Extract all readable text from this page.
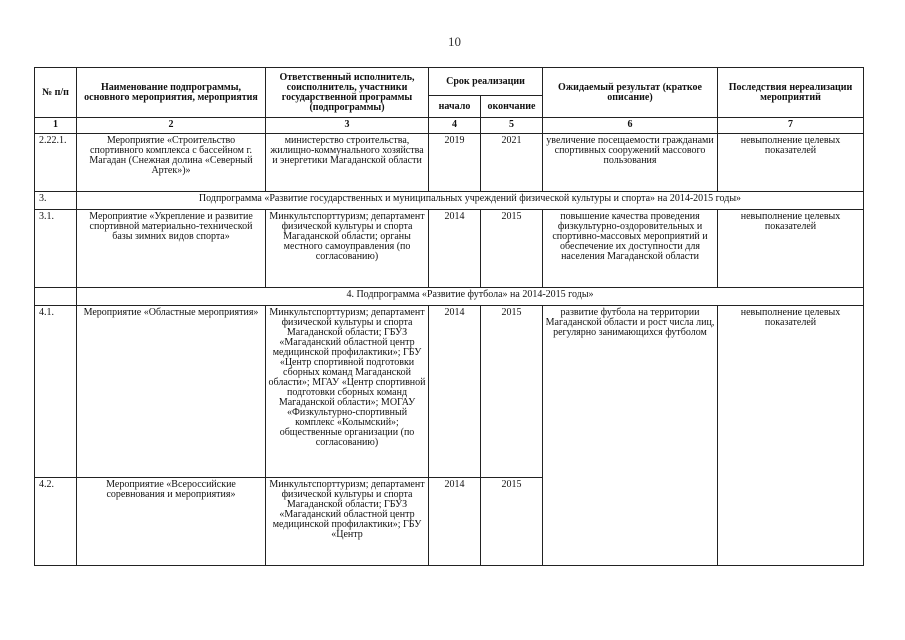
10
№ п/п	Наименование подпрограммы, основного мероприятия, мероприятия	Ответственный исполнитель, соисполнитель, участники государственной программы (подпрограммы)	Срок реализации		Ожидаемый результат (краткое описание)	Последствия нереализации мероприятий
			начало	окончание		
1	2	3	4	5	6	7
2.22.1.	Мероприятие «Строительство спортивного комплекса с бассейном г. Магадан (Снежная долина «Северный Артек»)»	министерство строительства, жилищно-коммунального хозяйства и энергетики Магаданской области	2019	2021	увеличение посещаемости гражданами спортивных сооружений массового пользования	невыполнение целевых показателей
3.	Подпрограмма «Развитие государственных и муниципальных учреждений физической культуры и спорта» на 2014-2015 годы»					
3.1.	Мероприятие «Укрепление и развитие спортивной материально-технической базы зимних видов спорта»	Минкультспорттуризм; департамент физической культуры и спорта Магаданской области; органы местного самоуправления (по согласованию)	2014	2015	повышение качества проведения физкультурно-оздоровительных и спортивно-массовых мероприятий и обеспечение их доступности для населения Магаданской области	невыполнение целевых показателей
	4. Подпрограмма «Развитие футбола» на 2014-2015 годы»					
4.1.	Мероприятие «Областные мероприятия»	Минкультспорттуризм; департамент физической культуры и спорта Магаданской области; ГБУЗ «Магаданский областной центр медицинской профилактики»; ГБУ «Центр спортивной подготовки сборных команд Магаданской области»; МГАУ «Центр спортивной подготовки сборных команд Магаданской области»; МОГАУ «Физкультурно-спортивный комплекс «Колымский»; общественные организации (по согласованию)	2014	2015	развитие футбола на территории Магаданской области и рост числа лиц, регулярно занимающихся футболом	невыполнение целевых показателей
4.2.	Мероприятие «Всероссийские соревнования и мероприятия»	Минкультспорттуризм; департамент физической культуры и спорта Магаданской области; ГБУЗ «Магаданский областной центр медицинской профилактики»; ГБУ «Центр	2014	2015		
